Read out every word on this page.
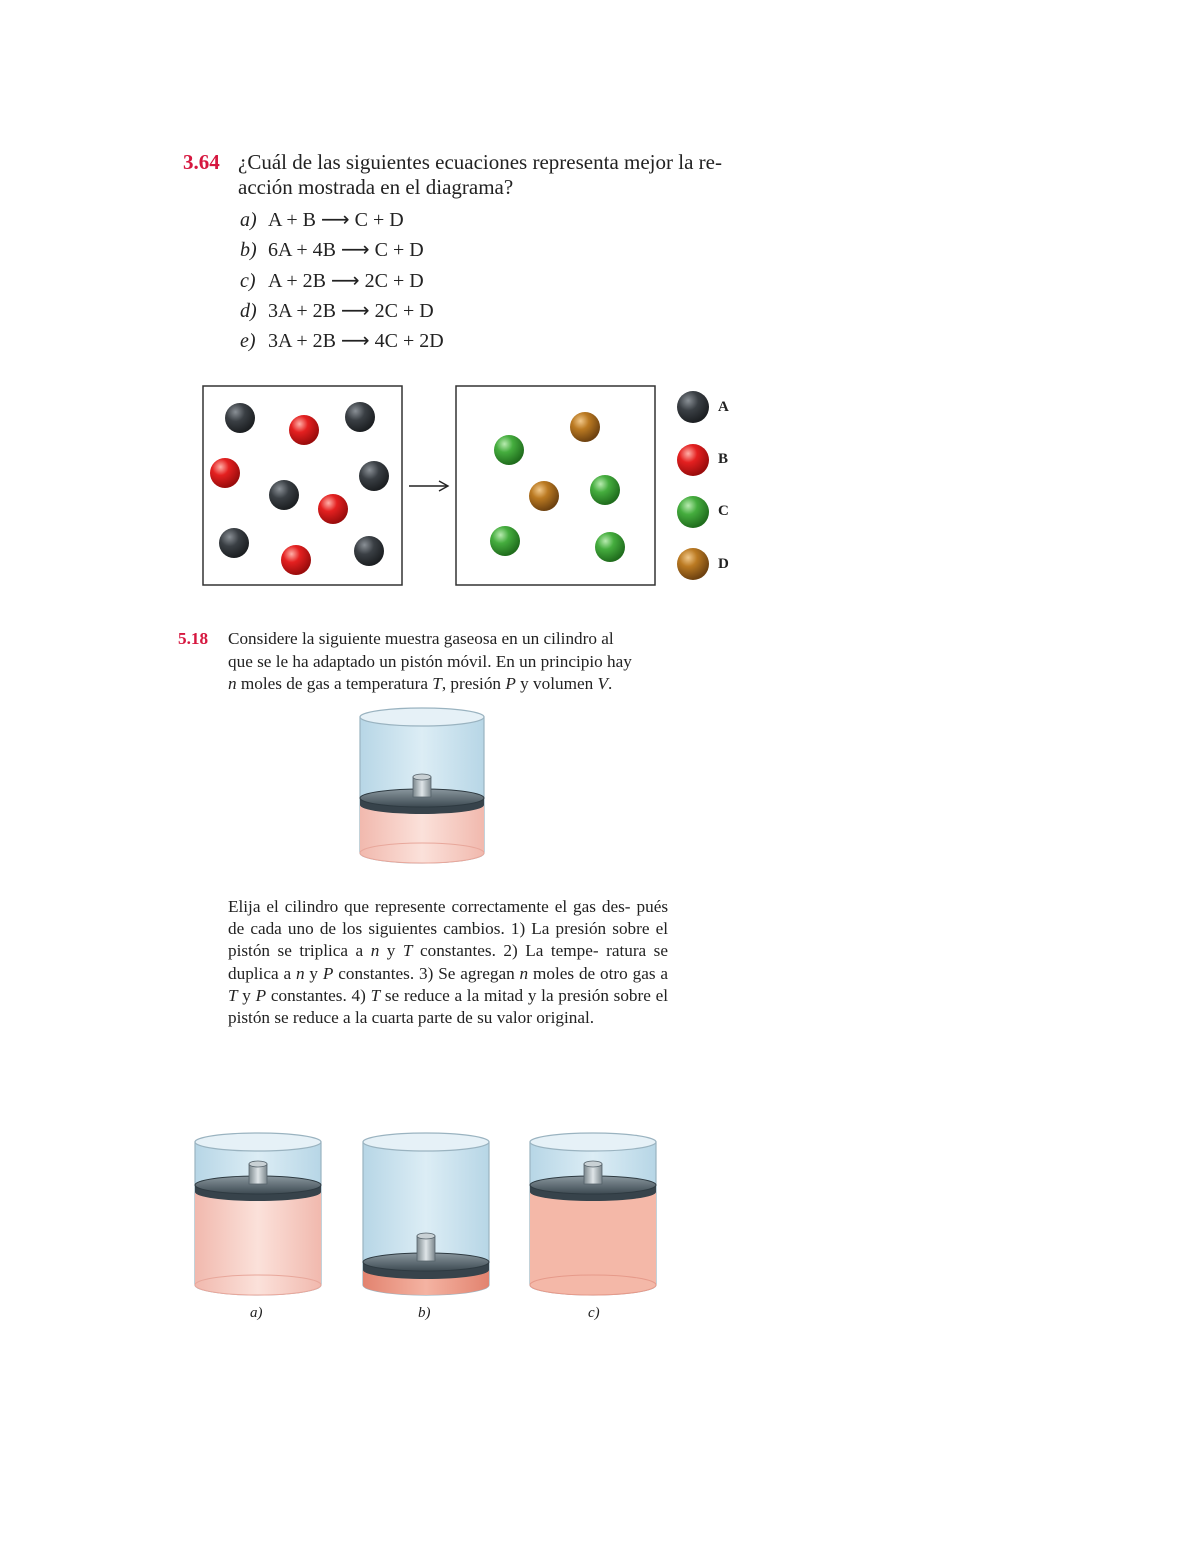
3.64 ¿Cuál de las siguientes ecuaciones representa mejor la re-
acción mostrada en el diagrama?
a) A + B ⟶ C + D
b) 6A + 4B ⟶ C + D
c) A + 2B ⟶ 2C + D
d) 3A + 2B ⟶ 2C + D
e) 3A + 2B ⟶ 4C + 2D
A
B
C
D
5.18 Considere la siguiente muestra gaseosa en un cilindro al
que se le ha adaptado un pistón móvil. En un principio hay
n moles de gas a temperatura T, presión P y volumen V.
Elija el cilindro que represente correctamente el gas des- pués de cada uno de los siguientes cambios. 1) La presión sobre el pistón se triplica a n y T constantes. 2) La tempe- ratura se duplica a n y P constantes. 3) Se agregan n moles de otro gas a T y P constantes. 4) T se reduce a la mitad y la presión sobre el pistón se reduce a la cuarta parte de su valor original.
a)	b)	c)
